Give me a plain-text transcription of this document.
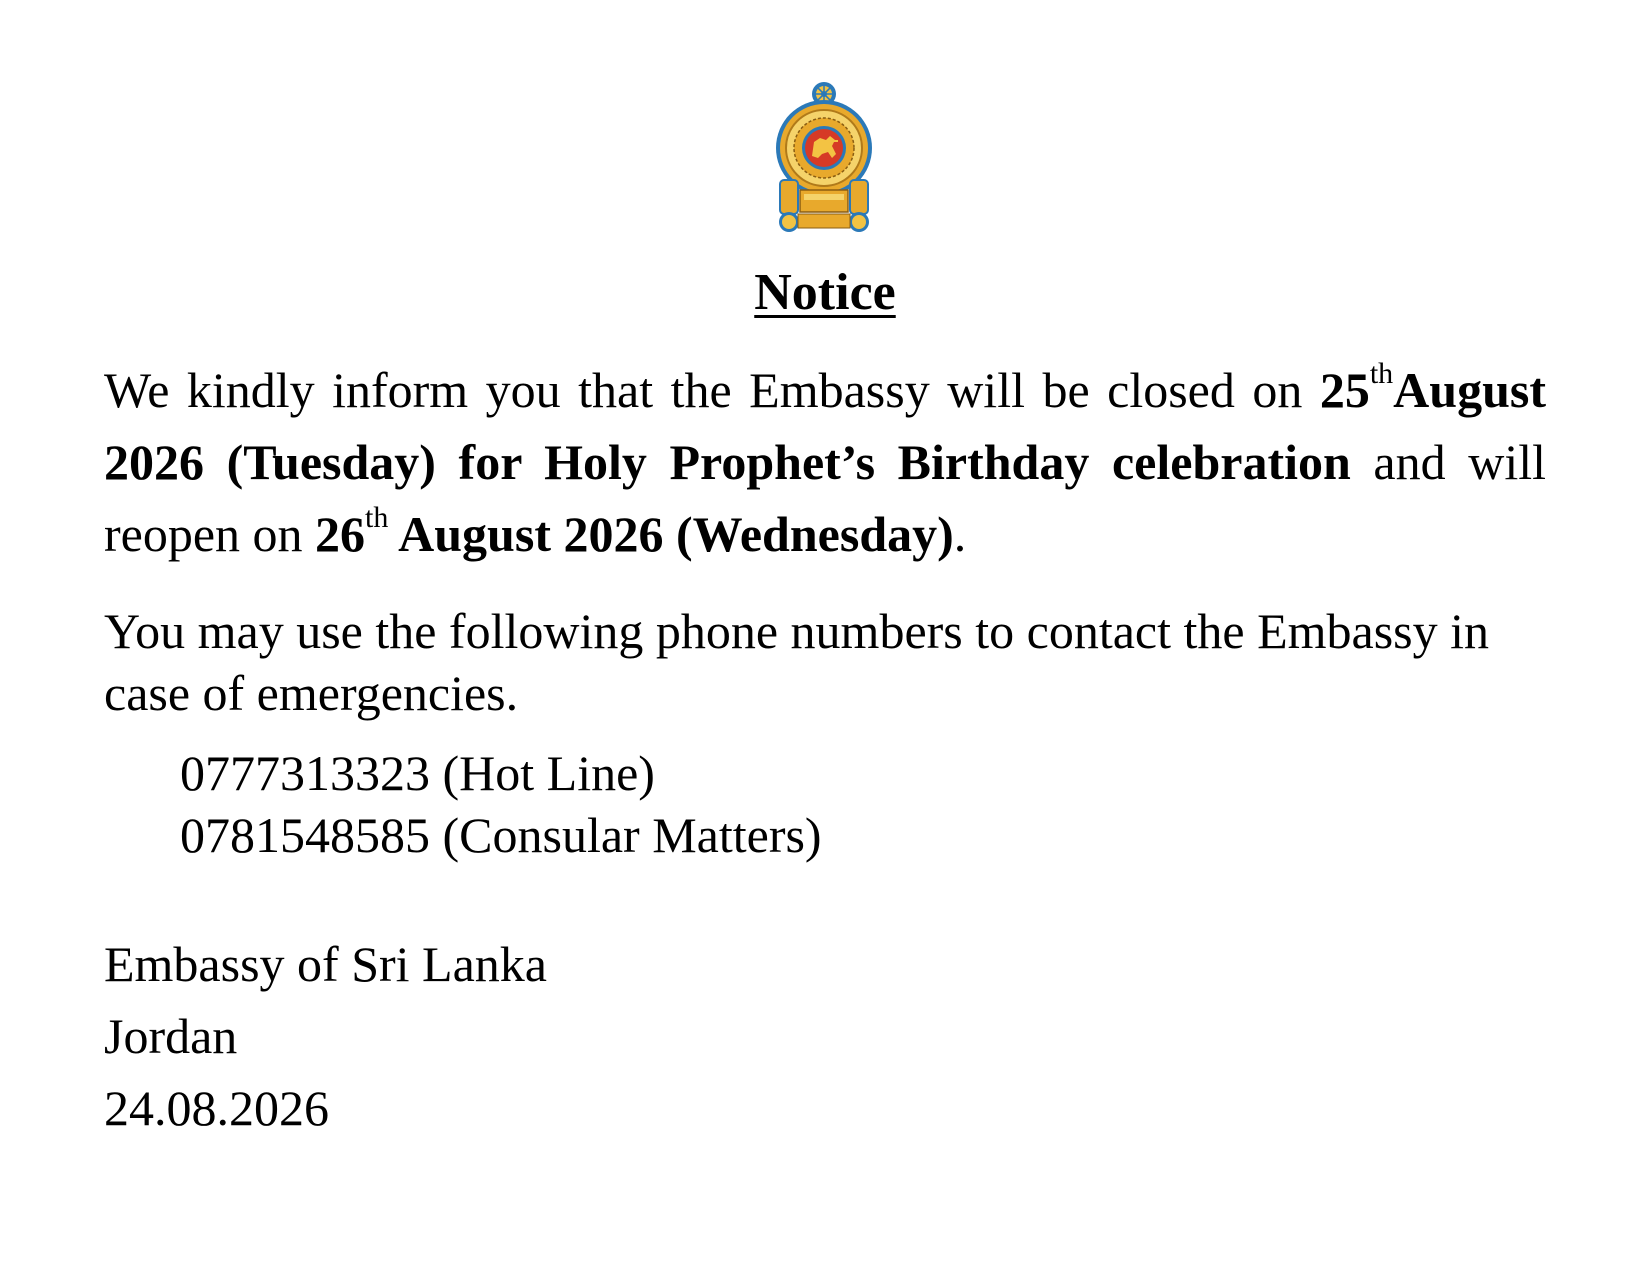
Notice

We kindly inform you that the Embassy will be closed on 25thAugust 2026 (Tuesday) for Holy Prophet’s Birthday celebration and will reopen on 26th August 2026 (Wednesday).

You may use the following phone numbers to contact the Embassy in case of emergencies.

0777313323 (Hot Line)
0781548585 (Consular Matters)
Embassy of Sri Lanka
Jordan
24.08.2026
